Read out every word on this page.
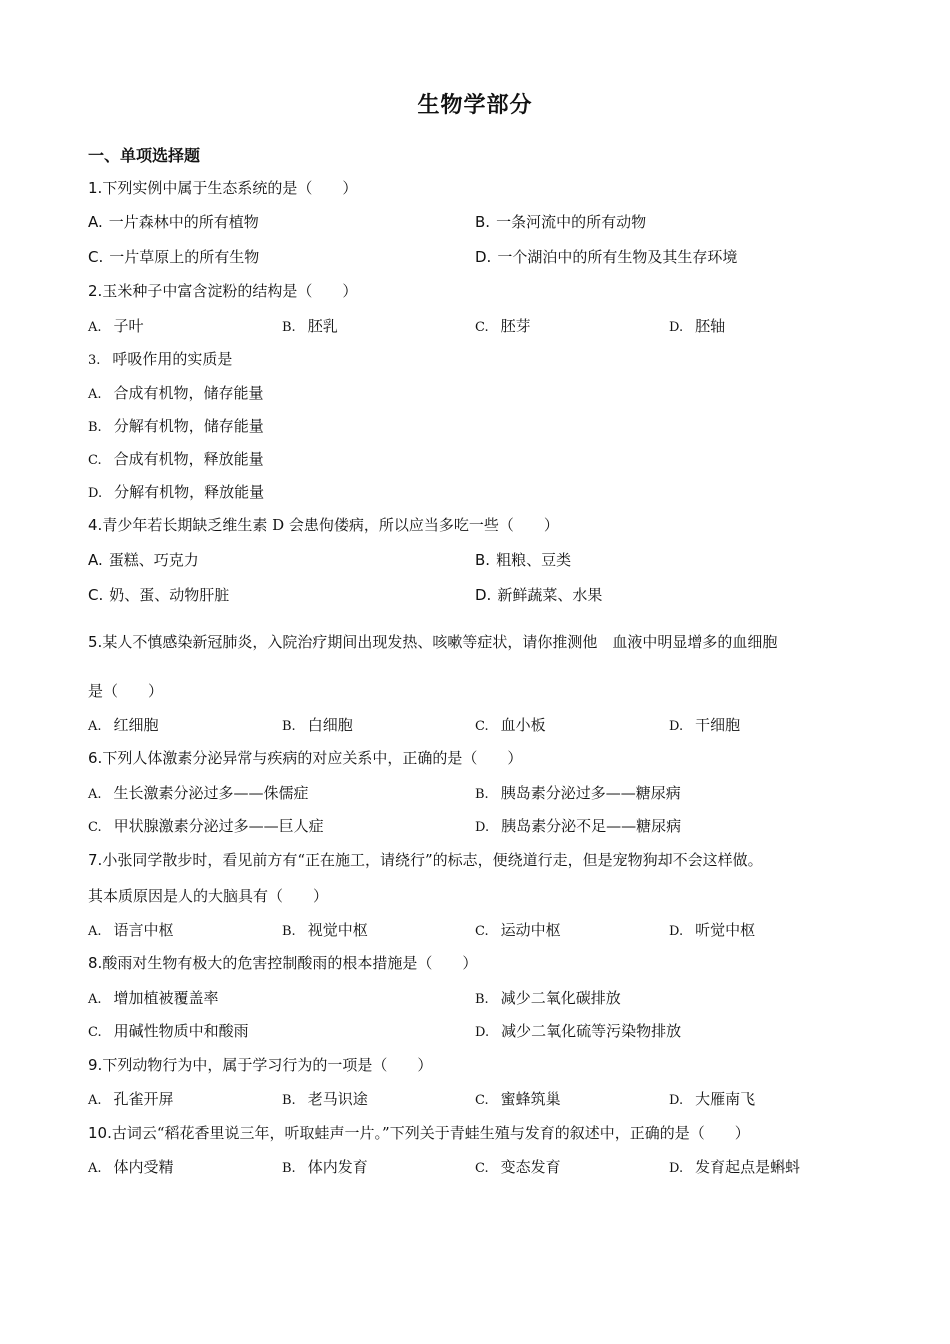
生物学部分
一、单项选择题
1.下列实例中属于生态系统的是（　　）
A. 一片森林中的所有植物	B. 一条河流中的所有动物
C. 一片草原上的所有生物	D. 一个湖泊中的所有生物及其生存环境
2.玉米种子中富含淀粉的结构是（　　）
A. 子叶	B. 胚乳	C. 胚芽	D. 胚轴
3. 呼吸作用的实质是
A. 合成有机物，储存能量
B. 分解有机物，储存能量
C. 合成有机物，释放能量
D. 分解有机物，释放能量
4.青少年若长期缺乏维生素 D 会患佝偻病，所以应当多吃一些（　　）
A. 蛋糕、巧克力	B. 粗粮、豆类
C. 奶、蛋、动物肝脏	D. 新鲜蔬菜、水果
5.某人不慎感染新冠肺炎，入院治疗期间出现发热、咳嗽等症状，请你推测他　血液中明显增多的血细胞
是（　　）
A. 红细胞	B. 白细胞	C. 血小板	D. 干细胞
6.下列人体激素分泌异常与疾病的对应关系中，正确的是（　　）
A. 生长激素分泌过多——侏儒症	B. 胰岛素分泌过多——糖尿病
C. 甲状腺激素分泌过多——巨人症	D. 胰岛素分泌不足——糖尿病
7.小张同学散步时，看见前方有“正在施工，请绕行”的标志，便绕道行走，但是宠物狗却不会这样做。
其本质原因是人的大脑具有（　　）
A. 语言中枢	B. 视觉中枢	C. 运动中枢	D. 听觉中枢
8.酸雨对生物有极大的危害控制酸雨的根本措施是（　　）
A. 增加植被覆盖率	B. 减少二氧化碳排放
C. 用碱性物质中和酸雨	D. 减少二氧化硫等污染物排放
9.下列动物行为中，属于学习行为的一项是（　　）
A. 孔雀开屏	B. 老马识途	C. 蜜蜂筑巢	D. 大雁南飞
10.古词云“稻花香里说三年，听取蛙声一片。”下列关于青蛙生殖与发育的叙述中，正确的是（　　）
A. 体内受精	B. 体内发育	C. 变态发育	D. 发育起点是蝌蚪
